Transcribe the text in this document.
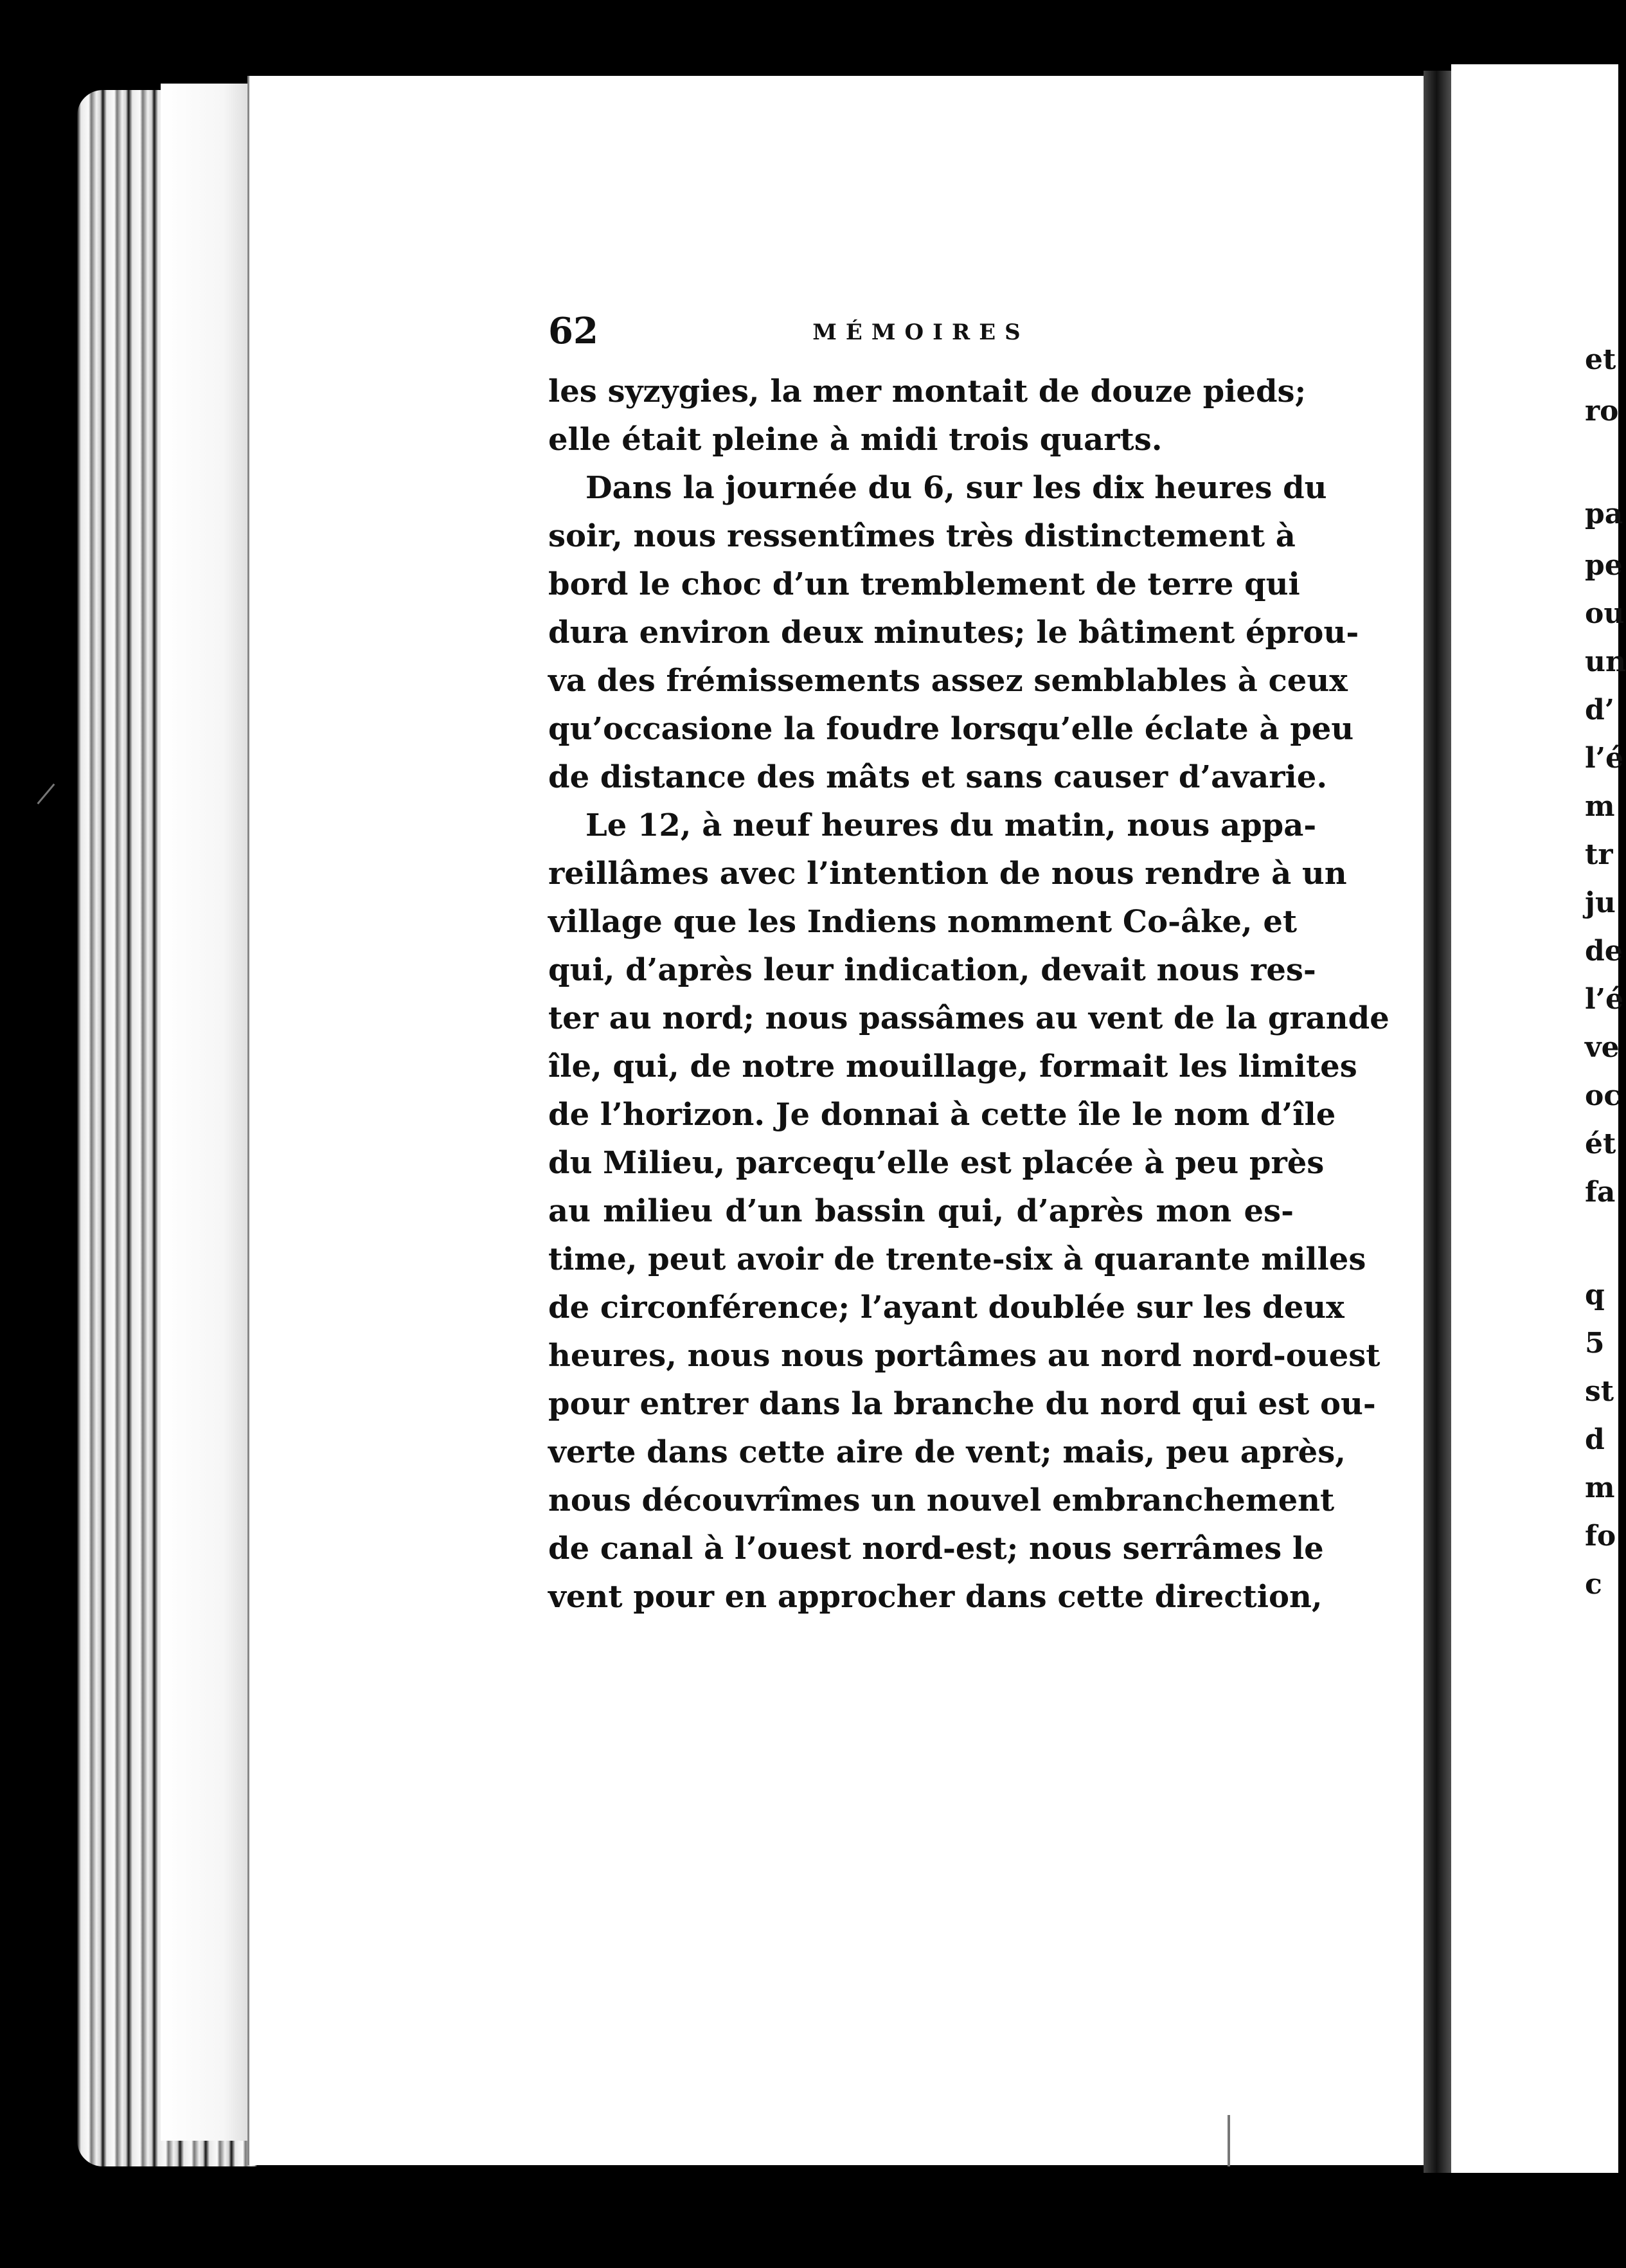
62	MÉMOIRES
les syzygies, la mer montait de douze pieds;
elle était pleine à midi trois quarts.
Dans la journée du 6, sur les dix heures du
soir, nous ressentîmes très distinctement à
bord le choc d’un tremblement de terre qui
dura environ deux minutes; le bâtiment éprou-
va des frémissements assez semblables à ceux
qu’occasione la foudre lorsqu’elle éclate à peu
de distance des mâts et sans causer d’avarie.
Le 12, à neuf heures du matin, nous appa-
reillâmes avec l’intention de nous rendre à un
village que les Indiens nomment Co-âke, et
qui, d’après leur indication, devait nous res-
ter au nord; nous passâmes au vent de la grande
île, qui, de notre mouillage, formait les limites
de l’horizon. Je donnai à cette île le nom d’île
du Milieu, parcequ’elle est placée à peu près
au milieu d’un bassin qui, d’après mon es-
time, peut avoir de trente-six à quarante milles
de circonférence; l’ayant doublée sur les deux
heures, nous nous portâmes au nord nord-ouest
pour entrer dans la branche du nord qui est ou-
verte dans cette aire de vent; mais, peu après,
nous découvrîmes un nouvel embranchement
de canal à l’ouest nord-est; nous serrâmes le
vent pour en approcher dans cette direction,
et
ro
pa
pe
ou
un
d’
l’é
m
tr
ju
de
l’é
ve
oc
ét
fa
q
5
st
d
m
fo
c
